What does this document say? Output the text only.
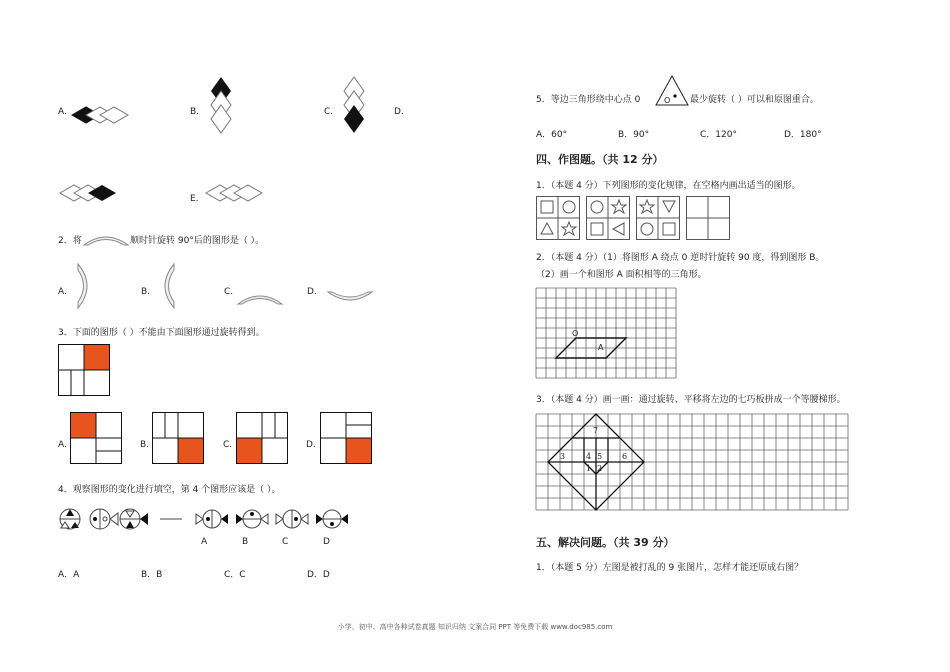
A.	B.	C.	D.
E.
2．将	顺时针旋转 90°后的图形是（ ）。
A.	B.	C.	D.
3．下面的图形（ ）不能由下面图形通过旋转得到。
A.	B.	C.	D.
4．观察图形的变化进行填空，第 4 个图形应该是（ ）。
A	B	C	D
A．A	B．B	C．C	D．D
5．等边三角形绕中心点 0	O 最少旋转（ ）可以和原图重合。
A．60°	B．90°	C．120°	D．180°
四、作图题。（共 12 分）
1．（本题 4 分）下列图形的变化规律，在空格内画出适当的图形。
2．（本题 4 分）（1）将图形 A 绕点 0 逆时针旋转 90 度，得到图形 B。
（2）画一个和图形 A 面积相等的三角形。
O
A
3．（本题 4 分）画一画：通过旋转、平移将左边的七巧板拼成一个等腰梯形。
7
3	4 5 6
1 2
五、解决问题。（共 39 分）
1．（本题 5 分）左图是被打乱的 9 张图片，怎样才能还原成右图？
小学、初中、高中各种试卷真题 知识归纳 文案合同 PPT 等免费下载 www.doc985.com
